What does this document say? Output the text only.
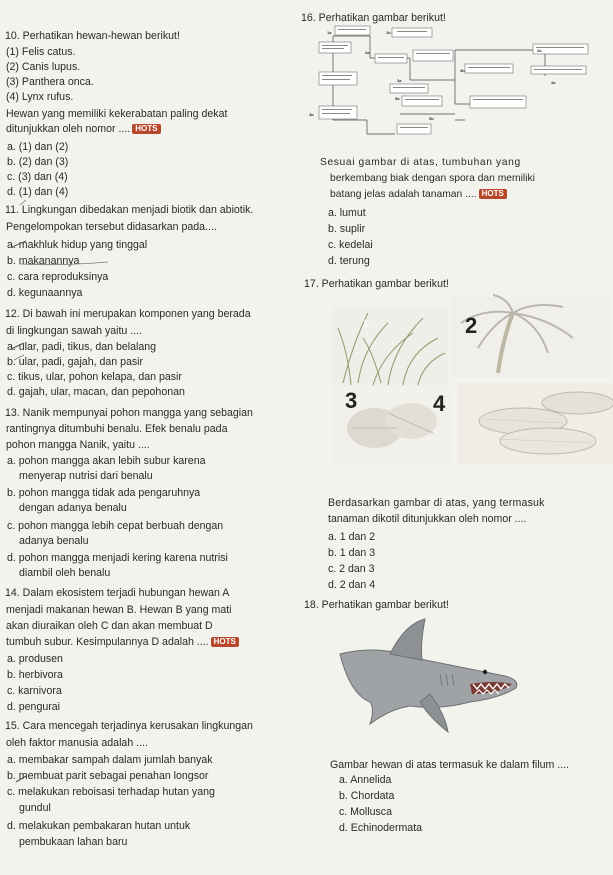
10. Perhatikan hewan-hewan berikut!
(1) Felis catus.
(2) Canis lupus.
(3) Panthera onca.
(4) Lynx rufus.
Hewan yang memiliki kekerabatan paling dekat
ditunjukkan oleh nomor .... HOTS
a. (1) dan (2)
b. (2) dan (3)
c. (3) dan (4)
d. (1) dan (4)
11. Lingkungan dibedakan menjadi biotik dan abiotik.
Pengelompokan tersebut didasarkan pada....
a. makhluk hidup yang tinggal
b. makanannya
c. cara reproduksinya
d. kegunaannya
12. Di bawah ini merupakan komponen yang berada
di lingkungan sawah yaitu ....
a. ular, padi, tikus, dan belalang
b. ular, padi, gajah, dan pasir
c. tikus, ular, pohon kelapa, dan pasir
d. gajah, ular, macan, dan pepohonan
13. Nanik mempunyai pohon mangga yang sebagian
rantingnya ditumbuhi benalu. Efek benalu pada
pohon mangga Nanik, yaitu ....
a. pohon mangga akan lebih subur karena
menyerap nutrisi dari benalu
b. pohon mangga tidak ada pengaruhnya
dengan adanya benalu
c. pohon mangga lebih cepat berbuah dengan
adanya benalu
d. pohon mangga menjadi kering karena nutrisi
diambil oleh benalu
14. Dalam ekosistem terjadi hubungan hewan A
menjadi makanan hewan B. Hewan B yang mati
akan diuraikan oleh C dan akan membuat D
tumbuh subur. Kesimpulannya D adalah .... HOTS
a. produsen
b. herbivora
c. karnivora
d. pengurai
15. Cara mencegah terjadinya kerusakan lingkungan
oleh faktor manusia adalah ....
a. membakar sampah dalam jumlah banyak
b. membuat parit sebagai penahan longsor
c. melakukan reboisasi terhadap hutan yang
gundul
d. melakukan pembakaran hutan untuk
pembukaan lahan baru
16. Perhatikan gambar berikut!
1a	1b
2a	2b
3a
3b
4a
4b
5a
5b
Sesuai gambar di atas, tumbuhan yang
berkembang biak dengan spora dan memiliki
batang jelas adalah tanaman .... HOTS
a. lumut
b. suplir
c. kedelai
d. terung
17. Perhatikan gambar berikut!
2
3	4
1
Berdasarkan gambar di atas, yang termasuk
tanaman dikotil ditunjukkan oleh nomor ....
a. 1 dan 2
b. 1 dan 3
c. 2 dan 3
d. 2 dan 4
18. Perhatikan gambar berikut!
Gambar hewan di atas termasuk ke dalam filum ....
a. Annelida
b. Chordata
c. Mollusca
d. Echinodermata
